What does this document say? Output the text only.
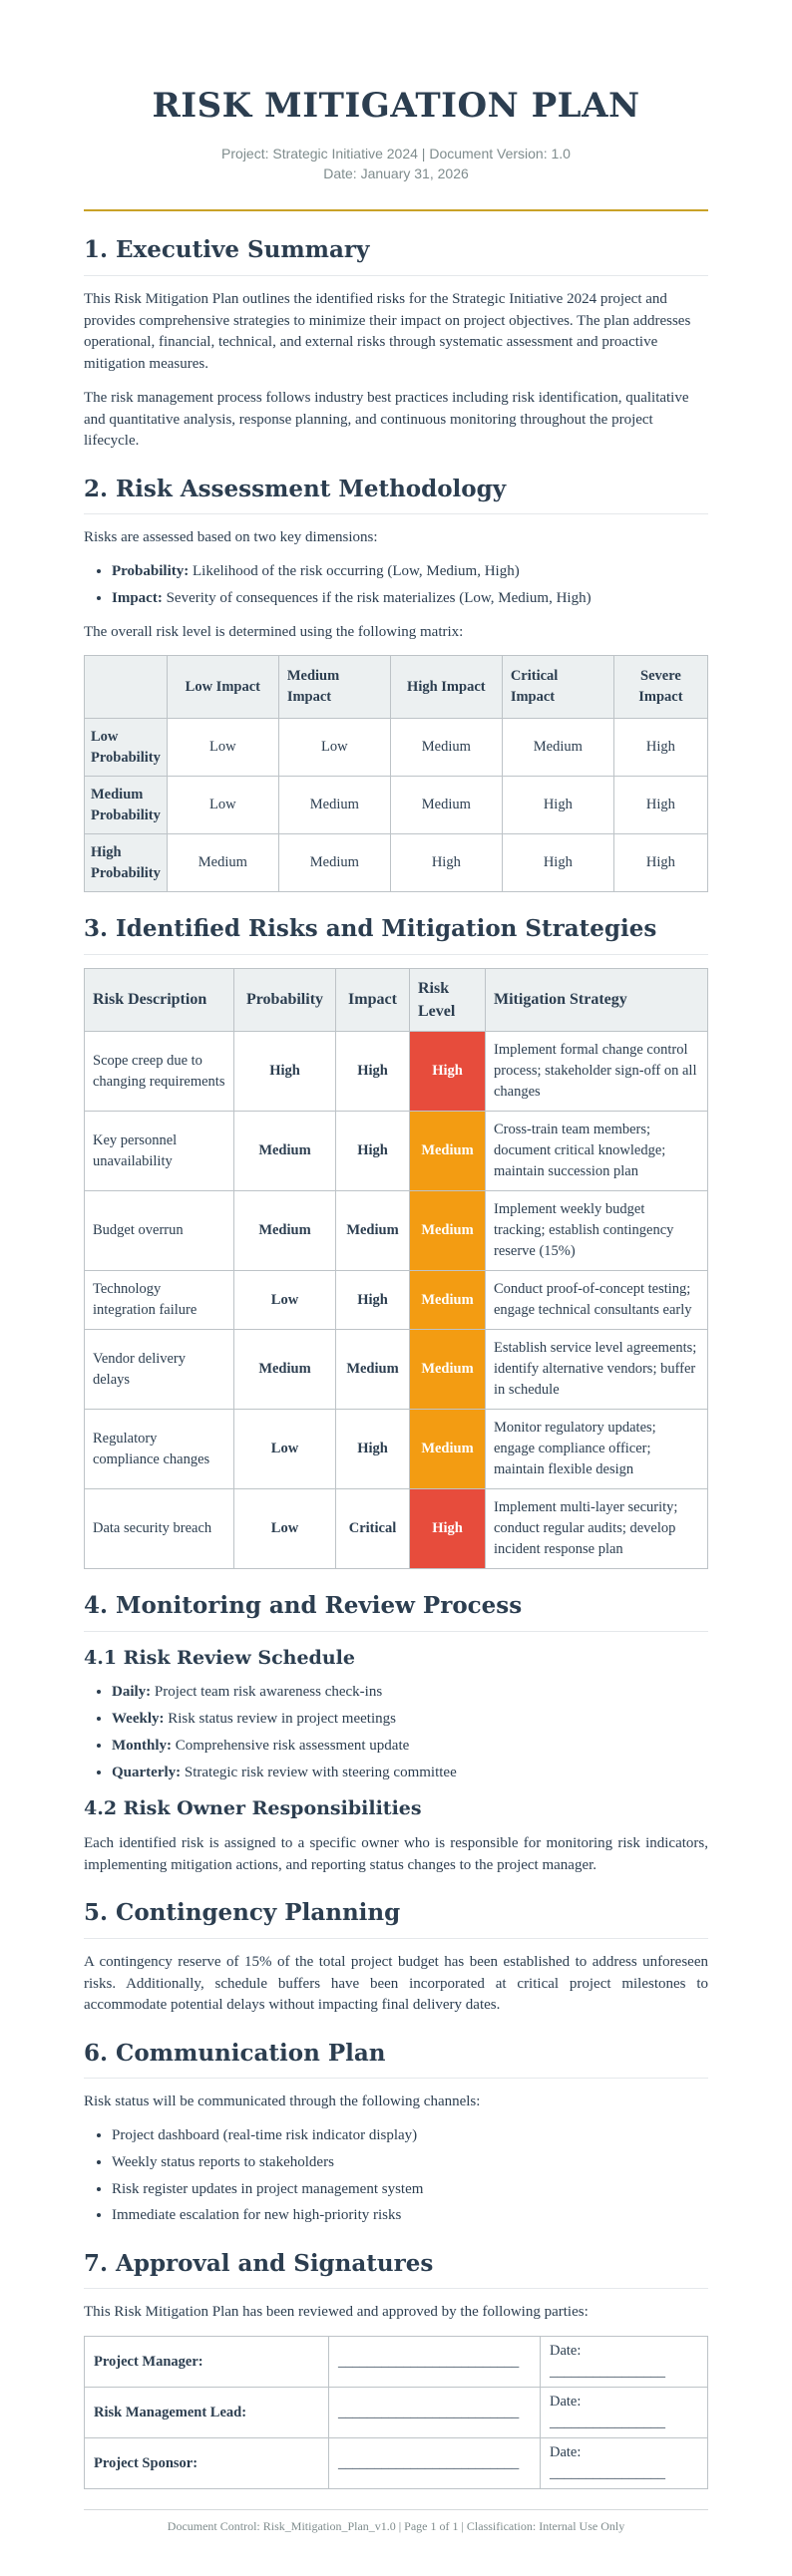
RISK MITIGATION PLAN
Project: Strategic Initiative 2024 | Document Version: 1.0
Date: January 31, 2026
1. Executive Summary

This Risk Mitigation Plan outlines the identified risks for the Strategic Initiative 2024 project and provides comprehensive strategies to minimize their impact on project objectives. The plan addresses operational, financial, technical, and external risks through systematic assessment and proactive mitigation measures.

The risk management process follows industry best practices including risk identification, qualitative and quantitative analysis, response planning, and continuous monitoring throughout the project lifecycle.

2. Risk Assessment Methodology

Risks are assessed based on two key dimensions:

• Probability: Likelihood of the risk occurring (Low, Medium, High)
• Impact: Severity of consequences if the risk materializes (Low, Medium, High)

The overall risk level is determined using the following matrix:

	Low Impact	Medium Impact	High Impact	Critical Impact	Severe Impact
Low Probability	Low	Low	Medium	Medium	High
Medium Probability	Low	Medium	Medium	High	High
High Probability	Medium	Medium	High	High	High
3. Identified Risks and Mitigation Strategies
Risk Description	Probability	Impact	Risk Level	Mitigation Strategy
Scope creep due to changing requirements	High	High	High	Implement formal change control process; stakeholder sign-off on all changes
Key personnel unavailability	Medium	High	Medium	Cross-train team members; document critical knowledge; maintain succession plan
Budget overrun	Medium	Medium	Medium	Implement weekly budget tracking; establish contingency reserve (15%)
Technology integration failure	Low	High	Medium	Conduct proof-of-concept testing; engage technical consultants early
Vendor delivery delays	Medium	Medium	Medium	Establish service level agreements; identify alternative vendors; buffer in schedule
Regulatory compliance changes	Low	High	Medium	Monitor regulatory updates; engage compliance officer; maintain flexible design
Data security breach	Low	Critical	High	Implement multi-layer security; conduct regular audits; develop incident response plan
4. Monitoring and Review Process
4.1 Risk Review Schedule
• Daily: Project team risk awareness check-ins
• Weekly: Risk status review in project meetings
• Monthly: Comprehensive risk assessment update
• Quarterly: Strategic risk review with steering committee
4.2 Risk Owner Responsibilities

Each identified risk is assigned to a specific owner who is responsible for monitoring risk indicators, implementing mitigation actions, and reporting status changes to the project manager.

5. Contingency Planning

A contingency reserve of 15% of the total project budget has been established to address unforeseen risks. Additionally, schedule buffers have been incorporated at critical project milestones to accommodate potential delays without impacting final delivery dates.

6. Communication Plan

Risk status will be communicated through the following channels:

• Project dashboard (real-time risk indicator display)
• Weekly status reports to stakeholders
• Risk register updates in project management system
• Immediate escalation for new high-priority risks
7. Approval and Signatures

This Risk Mitigation Plan has been reviewed and approved by the following parties:

Project Manager:	_________________________	Date: ________________
Risk Management Lead:	_________________________	Date: ________________
Project Sponsor:	_________________________	Date: ________________
Document Control: Risk_Mitigation_Plan_v1.0 | Page 1 of 1 | Classification: Internal Use Only
